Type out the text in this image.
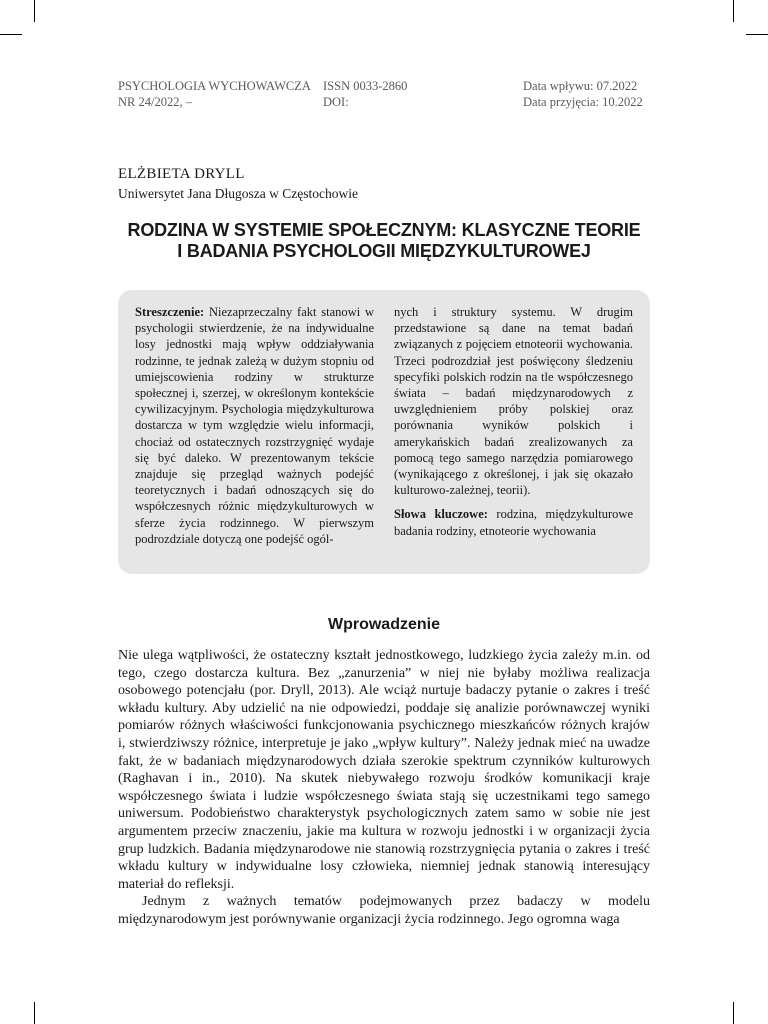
PSYCHOLOGIA WYCHOWAWCZA
NR 24/2022, –
ISSN 0033-2860
DOI:
Data wpływu: 07.2022
Data przyjęcia: 10.2022
ELŻBIETA DRYLL
Uniwersytet Jana Długosza w Częstochowie
RODZINA W SYSTEMIE SPOŁECZNYM: KLASYCZNE TEORIE
I BADANIA PSYCHOLOGII MIĘDZYKULTUROWEJ

Streszczenie: Niezaprzeczalny fakt stanowi w psychologii stwierdzenie, że na indywidualne losy jednostki mają wpływ oddziaływania rodzinne, te jednak zależą w dużym stopniu od umiejscowienia rodziny w strukturze społecznej i, szerzej, w określonym kontekście cywilizacyjnym. Psychologia międzykulturowa dostarcza w tym względzie wielu informacji, chociaż od ostatecznych rozstrzygnięć wydaje się być daleko. W prezentowanym tekście znajduje się przegląd ważnych podejść teoretycznych i badań odnoszących się do współczesnych różnic międzykulturowych w sferze życia rodzinnego. W pierwszym podrozdziale dotyczą one podejść ogól-

nych i struktury systemu. W drugim przedstawione są dane na temat badań związanych z pojęciem etnoteorii wychowania. Trzeci podrozdział jest poświęcony śledzeniu specyfiki polskich rodzin na tle współczesnego świata – badań międzynarodowych z uwzględnieniem próby polskiej oraz porównania wyników polskich i amerykańskich badań zrealizowanych za pomocą tego samego narzędzia pomiarowego (wynikającego z określonej, i jak się okazało kulturowo-zależnej, teorii).

Słowa kluczowe: rodzina, międzykulturowe badania rodziny, etnoteorie wychowania

Wprowadzenie

Nie ulega wątpliwości, że ostateczny kształt jednostkowego, ludzkiego życia zależy m.in. od tego, czego dostarcza kultura. Bez „zanurzenia” w niej nie byłaby możliwa realizacja osobowego potencjału (por. Dryll, 2013). Ale wciąż nurtuje badaczy pytanie o zakres i treść wkładu kultury. Aby udzielić na nie odpowiedzi, poddaje się analizie porównawczej wyniki pomiarów różnych właściwości funkcjonowania psychicznego mieszkańców różnych krajów i, stwierdziwszy różnice, interpretuje je jako „wpływ kultury”. Należy jednak mieć na uwadze fakt, że w badaniach międzynarodowych działa szerokie spektrum czynników kulturowych (Raghavan i in., 2010). Na skutek niebywałego rozwoju środków komunikacji kraje współczesnego świata i ludzie współczesnego świata stają się uczestnikami tego samego uniwersum. Podobieństwo charakterystyk psychologicznych zatem samo w sobie nie jest argumentem przeciw znaczeniu, jakie ma kultura w rozwoju jednostki i w organizacji życia grup ludzkich. Badania międzynarodowe nie stanowią rozstrzygnięcia pytania o zakres i treść wkładu kultury w indywidualne losy człowieka, niemniej jednak stanowią interesujący materiał do refleksji.

Jednym z ważnych tematów podejmowanych przez badaczy w modelu międzynarodowym jest porównywanie organizacji życia rodzinnego. Jego ogromna waga
